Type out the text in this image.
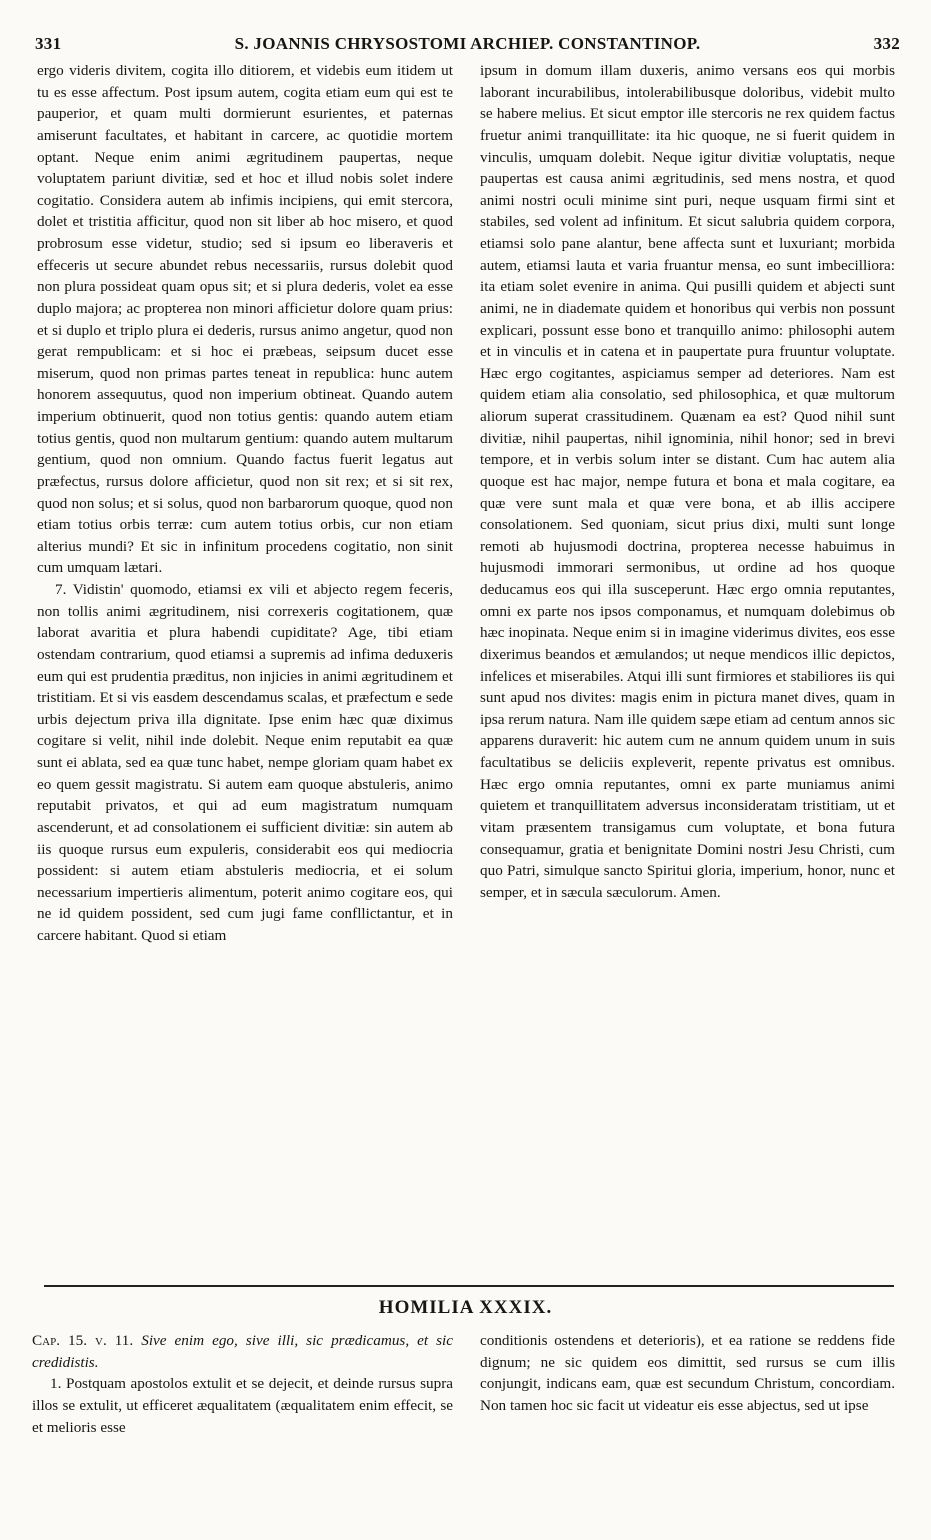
331	S. JOANNIS CHRYSOSTOMI ARCHIEP. CONSTANTINOP.	332

ergo videris divitem, cogita illo ditiorem, et videbis eum itidem ut tu es esse affectum. Post ipsum autem, cogita etiam eum qui est te pauperior, et quam multi dormierunt esurientes, et paternas amiserunt facultates, et habitant in carcere, ac quotidie mortem optant. Neque enim animi ægritudinem paupertas, neque voluptatem pariunt divitiæ, sed et hoc et illud nobis solet indere cogitatio. Considera autem ab infimis incipiens, qui emit stercora, dolet et tristitia afficitur, quod non sit liber ab hoc misero, et quod probrosum esse videtur, studio; sed si ipsum eo liberaveris et effeceris ut secure abundet rebus necessariis, rursus dolebit quod non plura possideat quam opus sit; et si plura dederis, volet ea esse duplo majora; ac propterea non minori afficietur dolore quam prius: et si duplo et triplo plura ei dederis, rursus animo angetur, quod non gerat rempublicam: et si hoc ei præbeas, seipsum ducet esse miserum, quod non primas partes teneat in republica: hunc autem honorem assequutus, quod non imperium obtineat. Quando autem imperium obtinuerit, quod non totius gentis: quando autem etiam totius gentis, quod non multarum gentium: quando autem multarum gentium, quod non omnium. Quando factus fuerit legatus aut præfectus, rursus dolore afficietur, quod non sit rex; et si sit rex, quod non solus; et si solus, quod non barbarorum quoque, quod non etiam totius orbis terræ: cum autem totius orbis, cur non etiam alterius mundi? Et sic in infinitum procedens cogitatio, non sinit cum umquam lætari.

7. Vidistin' quomodo, etiamsi ex vili et abjecto regem feceris, non tollis animi ægritudinem, nisi correxeris cogitationem, quæ laborat avaritia et plura habendi cupiditate? Age, tibi etiam ostendam contrarium, quod etiamsi a supremis ad infima deduxeris eum qui est prudentia præditus, non injicies in animi ægritudinem et tristitiam. Et si vis easdem descendamus scalas, et præfectum e sede urbis dejectum priva illa dignitate. Ipse enim hæc quæ diximus cogitare si velit, nihil inde dolebit. Neque enim reputabit ea quæ sunt ei ablata, sed ea quæ tunc habet, nempe gloriam quam habet ex eo quem gessit magistratu. Si autem eam quoque abstuleris, animo reputabit privatos, et qui ad eum magistratum numquam ascenderunt, et ad consolationem ei sufficient divitiæ: sin autem ab iis quoque rursus eum expuleris, considerabit eos qui mediocria possident: si autem etiam abstuleris mediocria, et ei solum necessarium impertieris alimentum, poterit animo cogitare eos, qui ne id quidem possident, sed cum jugi fame confllictantur, et in carcere habitant. Quod si etiam

ipsum in domum illam duxeris, animo versans eos qui morbis laborant incurabilibus, intolerabilibusque doloribus, videbit multo se habere melius. Et sicut emptor ille stercoris ne rex quidem factus fruetur animi tranquillitate: ita hic quoque, ne si fuerit quidem in vinculis, umquam dolebit. Neque igitur divitiæ voluptatis, neque paupertas est causa animi ægritudinis, sed mens nostra, et quod animi nostri oculi minime sint puri, neque usquam firmi sint et stabiles, sed volent ad infinitum. Et sicut salubria quidem corpora, etiamsi solo pane alantur, bene affecta sunt et luxuriant; morbida autem, etiamsi lauta et varia fruantur mensa, eo sunt imbecilliora: ita etiam solet evenire in anima. Qui pusilli quidem et abjecti sunt animi, ne in diademate quidem et honoribus qui verbis non possunt explicari, possunt esse bono et tranquillo animo: philosophi autem et in vinculis et in catena et in paupertate pura fruuntur voluptate. Hæc ergo cogitantes, aspiciamus semper ad deteriores. Nam est quidem etiam alia consolatio, sed philosophica, et quæ multorum aliorum superat crassitudinem. Quænam ea est? Quod nihil sunt divitiæ, nihil paupertas, nihil ignominia, nihil honor; sed in brevi tempore, et in verbis solum inter se distant. Cum hac autem alia quoque est hac major, nempe futura et bona et mala cogitare, ea quæ vere sunt mala et quæ vere bona, et ab illis accipere consolationem. Sed quoniam, sicut prius dixi, multi sunt longe remoti ab hujusmodi doctrina, propterea necesse habuimus in hujusmodi immorari sermonibus, ut ordine ad hos quoque deducamus eos qui illa susceperunt. Hæc ergo omnia reputantes, omni ex parte nos ipsos componamus, et numquam dolebimus ob hæc inopinata. Neque enim si in imagine viderimus divites, eos esse dixerimus beandos et æmulandos; ut neque mendicos illic depictos, infelices et miserabiles. Atqui illi sunt firmiores et stabiliores iis qui sunt apud nos divites: magis enim in pictura manet dives, quam in ipsa rerum natura. Nam ille quidem sæpe etiam ad centum annos sic apparens duraverit: hic autem cum ne annum quidem unum in suis facultatibus se deliciis expleverit, repente privatus est omnibus. Hæc ergo omnia reputantes, omni ex parte muniamus animi quietem et tranquillitatem adversus inconsideratam tristitiam, ut et vitam præsentem transigamus cum voluptate, et bona futura consequamur, gratia et benignitate Domini nostri Jesu Christi, cum quo Patri, simulque sancto Spiritui gloria, imperium, honor, nunc et semper, et in sæcula sæculorum. Amen.

HOMILIA XXXIX.

Cap. 15. v. 11. Sive enim ego, sive illi, sic prædicamus, et sic credidistis.

1. Postquam apostolos extulit et se dejecit, et deinde rursus supra illos se extulit, ut efficeret æqualitatem (æqualitatem enim effecit, se et melioris esse

conditionis ostendens et deterioris), et ea ratione se reddens fide dignum; ne sic quidem eos dimittit, sed rursus se cum illis conjungit, indicans eam, quæ est secundum Christum, concordiam. Non tamen hoc sic facit ut videatur eis esse abjectus, sed ut ipse
